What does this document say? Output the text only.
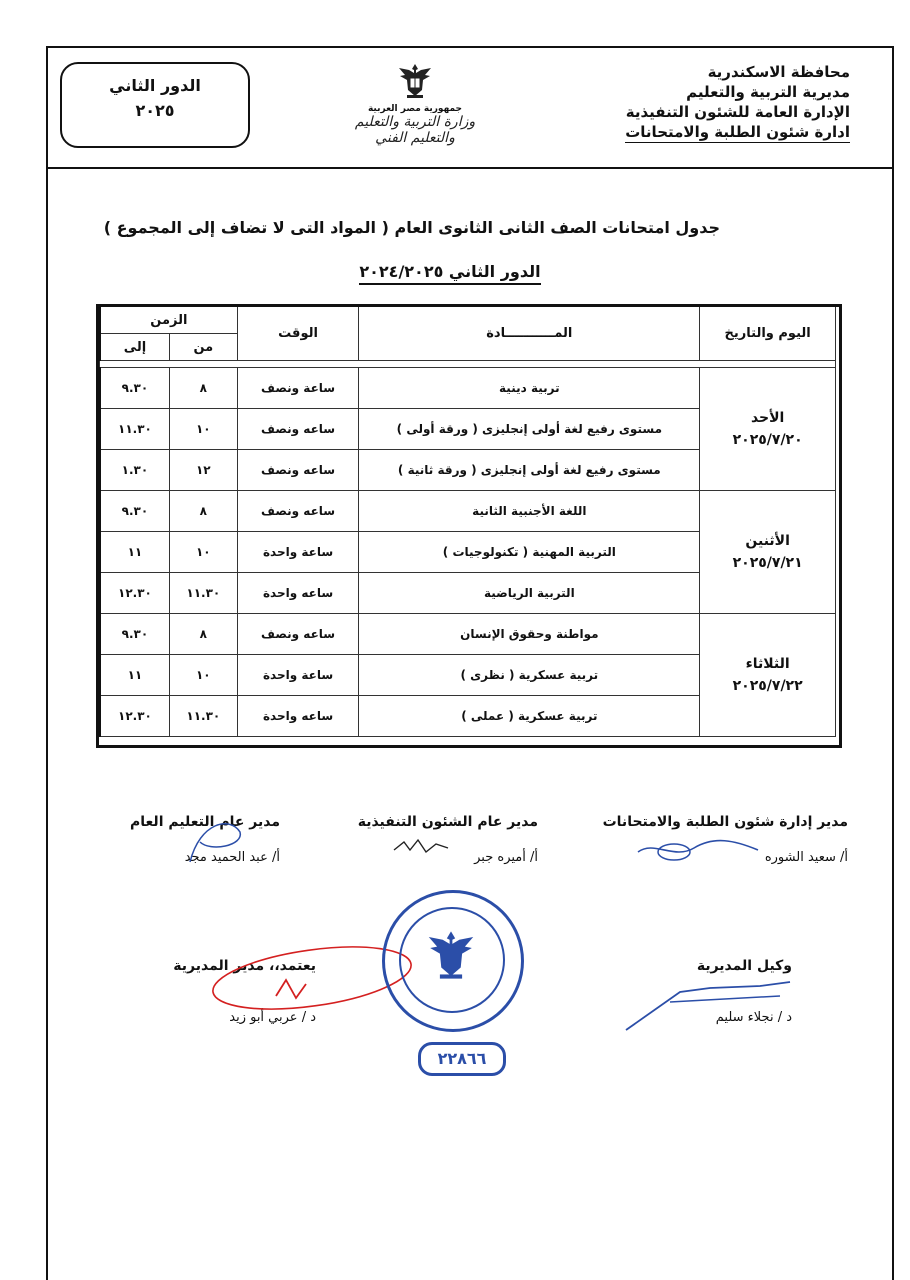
محافظة الاسكندرية
مديرية التربية والتعليم
الإدارة العامة للشئون التنفيذية
ادارة شئون الطلبة والامتحانات
جمهورية مصر العربية
وزارة التربية والتعليم والتعليم الفني
الدور الثاني
٢٠٢٥
جدول امتحانات الصف الثانى الثانوى العام ( المواد التى لا تضاف إلى المجموع )
الدور الثاني ٢٠٢٤/٢٠٢٥
اليوم والتاريخ	المـــــــــــادة	الوقت	الزمن	
			من	إلى

الأحد
٢٠٢٥/٧/٢٠	تربية دينية	ساعة ونصف	٨	٩.٣٠
	مستوى رفيع لغة أولى إنجليزى ( ورقة أولى )	ساعه ونصف	١٠	١١.٣٠
	مستوى رفيع لغة أولى إنجليزى ( ورقة ثانية )	ساعه ونصف	١٢	١.٣٠

الأثنين
٢٠٢٥/٧/٢١	اللغة الأجنبية الثانية	ساعه ونصف	٨	٩.٣٠
	التربية المهنية ( تكنولوجيات )	ساعة واحدة	١٠	١١
	التربية الرياضية	ساعه واحدة	١١.٣٠	١٢.٣٠

الثلاثاء
٢٠٢٥/٧/٢٢	مواطنة وحقوق الإنسان	ساعه ونصف	٨	٩.٣٠
	تربية عسكرية ( نظرى )	ساعة واحدة	١٠	١١
	تربية عسكرية ( عملى )	ساعه واحدة	١١.٣٠	١٢.٣٠
مدير إدارة شئون الطلبة والامتحانات
أ/ سعيد الشوره
مدير عام الشئون التنفيذية
أ/ أميره جبر
مدير عام التعليم العام
أ/ عبد الحميد مجد
وكيل المديرية
د / نجلاء سليم
يعتمد،، مدير المديرية
د / عربي أبو زيد
٢٢٨٦٦
